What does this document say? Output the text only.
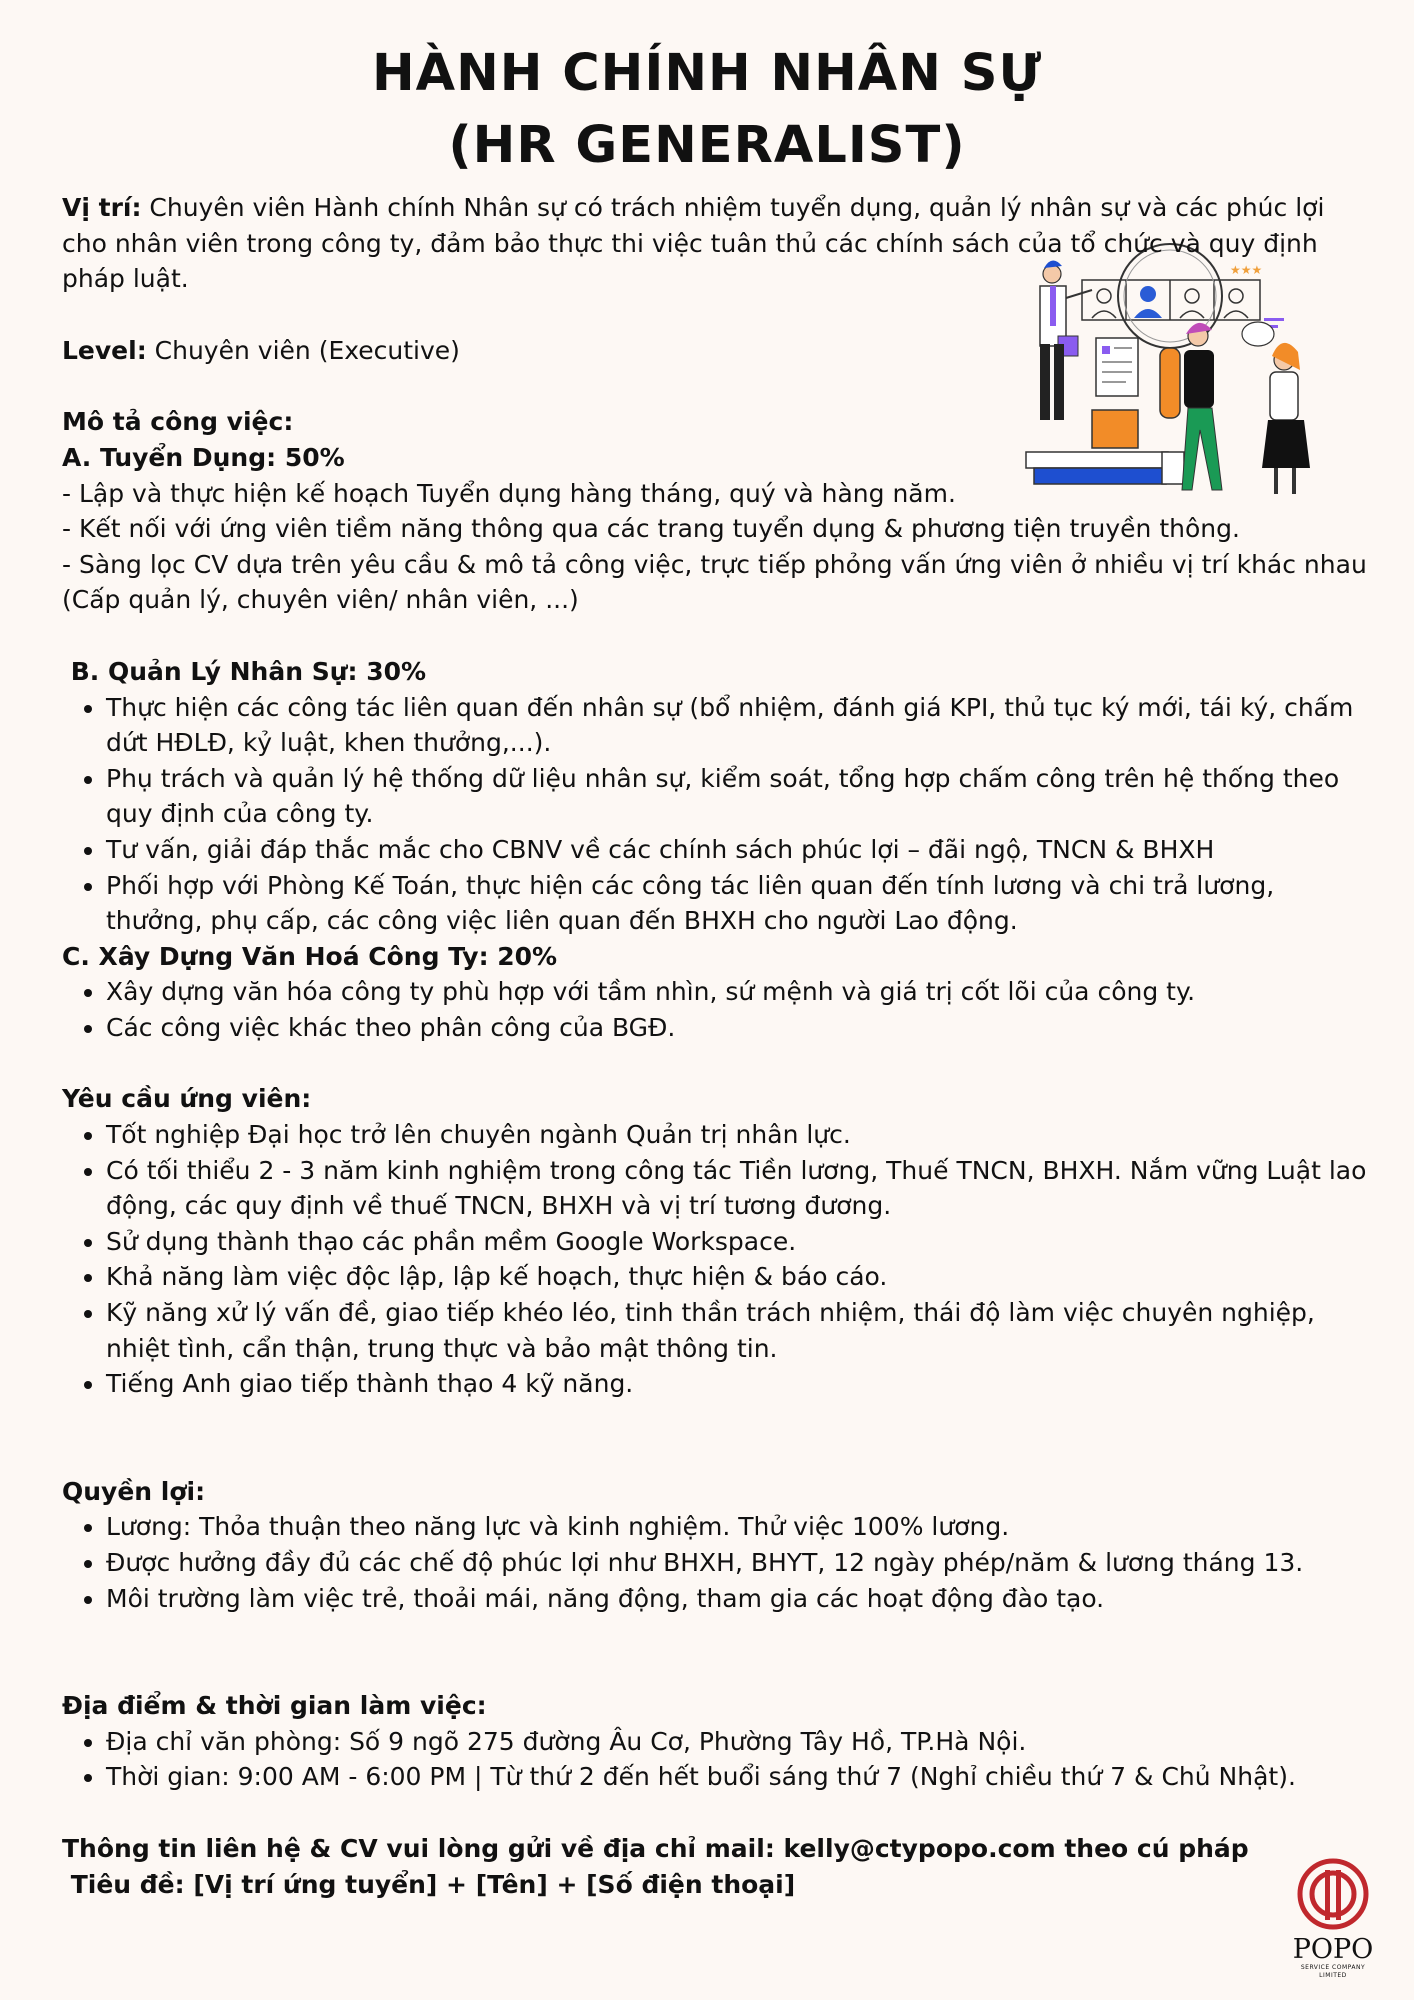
HÀNH CHÍNH NHÂN SỰ
(HR GENERALIST)
★★★

Vị trí: Chuyên viên Hành chính Nhân sự có trách nhiệm tuyển dụng, quản lý nhân sự và các phúc lợi cho nhân viên trong công ty, đảm bảo thực thi việc tuân thủ các chính sách của tổ chức và quy định pháp luật.

Level: Chuyên viên (Executive)

Mô tả công việc:

A. Tuyển Dụng: 50%

- Lập và thực hiện kế hoạch Tuyển dụng hàng tháng, quý và hàng năm.

- Kết nối với ứng viên tiềm năng thông qua các trang tuyển dụng & phương tiện truyền thông.

- Sàng lọc CV dựa trên yêu cầu & mô tả công việc, trực tiếp phỏng vấn ứng viên ở nhiều vị trí khác nhau (Cấp quản lý, chuyên viên/ nhân viên, ...)

B. Quản Lý Nhân Sự: 30%

• Thực hiện các công tác liên quan đến nhân sự (bổ nhiệm, đánh giá KPI, thủ tục ký mới, tái ký, chấm dứt HĐLĐ, kỷ luật, khen thưởng,...).
• Phụ trách và quản lý hệ thống dữ liệu nhân sự, kiểm soát, tổng hợp chấm công trên hệ thống theo quy định của công ty.
• Tư vấn, giải đáp thắc mắc cho CBNV về các chính sách phúc lợi – đãi ngộ, TNCN & BHXH
• Phối hợp với Phòng Kế Toán, thực hiện các công tác liên quan đến tính lương và chi trả lương, thưởng, phụ cấp, các công việc liên quan đến BHXH cho người Lao động.

C. Xây Dựng Văn Hoá Công Ty: 20%

• Xây dựng văn hóa công ty phù hợp với tầm nhìn, sứ mệnh và giá trị cốt lõi của công ty.
• Các công việc khác theo phân công của BGĐ.

Yêu cầu ứng viên:

• Tốt nghiệp Đại học trở lên chuyên ngành Quản trị nhân lực.
• Có tối thiểu 2 - 3 năm kinh nghiệm trong công tác Tiền lương, Thuế TNCN, BHXH. Nắm vững Luật lao động, các quy định về thuế TNCN, BHXH và vị trí tương đương.
• Sử dụng thành thạo các phần mềm Google Workspace.
• Khả năng làm việc độc lập, lập kế hoạch, thực hiện & báo cáo.
• Kỹ năng xử lý vấn đề, giao tiếp khéo léo, tinh thần trách nhiệm, thái độ làm việc chuyên nghiệp, nhiệt tình, cẩn thận, trung thực và bảo mật thông tin.
• Tiếng Anh giao tiếp thành thạo 4 kỹ năng.

Quyền lợi:

• Lương: Thỏa thuận theo năng lực và kinh nghiệm. Thử việc 100% lương.
• Được hưởng đầy đủ các chế độ phúc lợi như BHXH, BHYT, 12 ngày phép/năm & lương tháng 13.
• Môi trường làm việc trẻ, thoải mái, năng động, tham gia các hoạt động đào tạo.

Địa điểm & thời gian làm việc:

• Địa chỉ văn phòng: Số 9 ngõ 275 đường Âu Cơ, Phường Tây Hồ, TP.Hà Nội.
• Thời gian: 9:00 AM - 6:00 PM | Từ thứ 2 đến hết buổi sáng thứ 7 (Nghỉ chiều thứ 7 & Chủ Nhật).

Thông tin liên hệ & CV vui lòng gửi về địa chỉ mail: kelly@ctypopo.com theo cú pháp

Tiêu đề: [Vị trí ứng tuyển] + [Tên] + [Số điện thoại]

POPO
SERVICE COMPANY LIMITED
